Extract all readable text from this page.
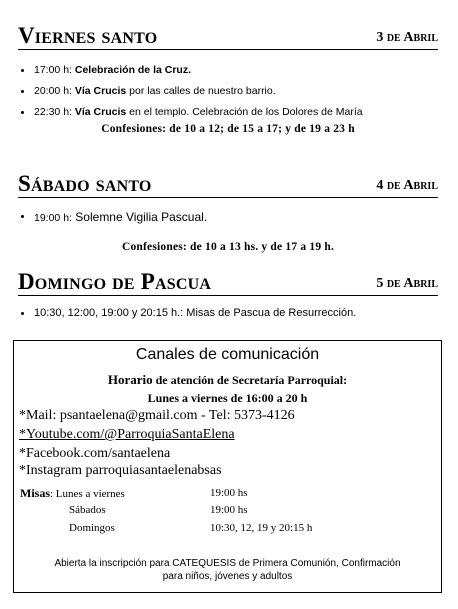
Viernes santo	3 de Abril
17:00 h: Celebración de la Cruz.
20:00 h: Vía Crucis por las calles de nuestro barrio.
22:30 h: Vía Crucis en el templo. Celebración de los Dolores de María
Confesiones: de 10 a 12; de 15 a 17; y de 19 a 23 h
Sábado santo	4 de Abril
19:00 h: Solemne Vigilia Pascual.
Confesiones: de 10 a 13 hs. y de 17 a 19 h.
Domingo de Pascua	5 de Abril
10:30, 12:00, 19:00 y 20:15 h.: Misas de Pascua de Resurrección.
Canales de comunicación
Horario de atención de Secretaría Parroquial:
Lunes a viernes de 16:00 a 20 h
*Mail: psantaelena@gmail.com - Tel: 5373-4126
*Youtube.com/@ParroquiaSantaElena
*Facebook.com/santaelena
*Instagram parroquiasantaelenabsas
Misas: Lunes a viernes	19:00 hs
Sábados	19:00 hs
Domingos	10:30, 12, 19 y 20:15 h
Abierta la inscripción para CATEQUESIS de Primera Comunión, Confirmación
para niños, jóvenes y adultos
